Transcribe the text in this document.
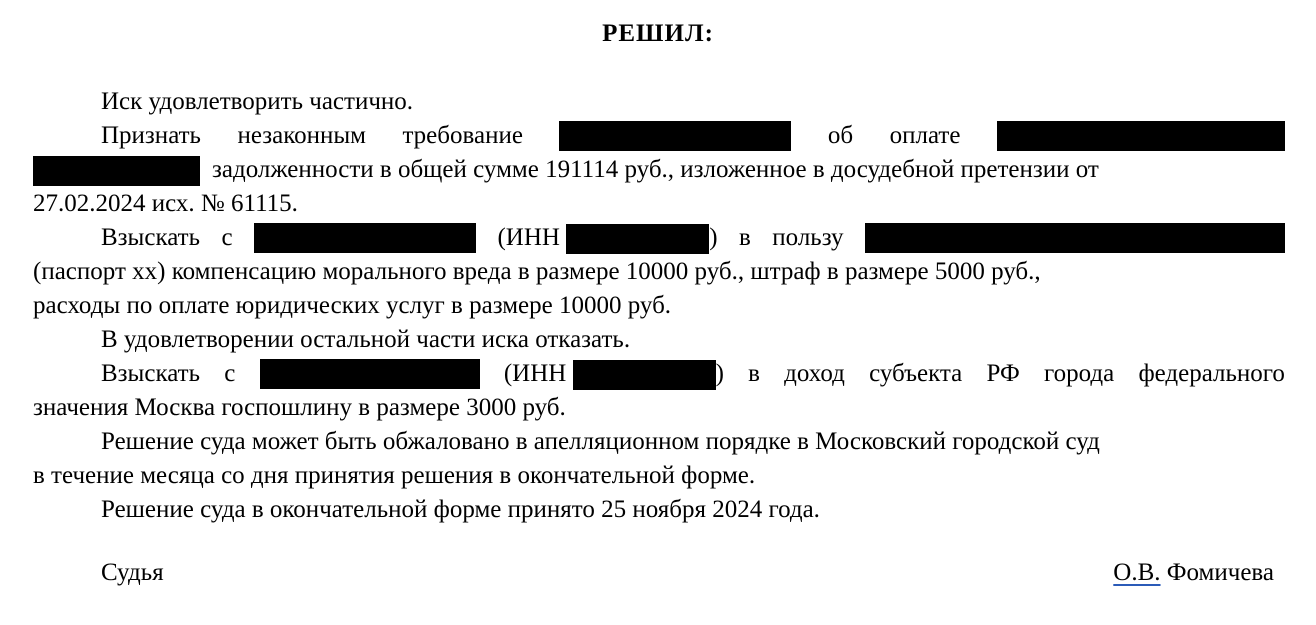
РЕШИЛ:
Иск удовлетворить частично.
Признать незаконным требование	об оплате
задолженности в общей сумме 191114 руб., изложенное в досудебной претензии от
27.02.2024 исх. № 61115.
Взыскать с	(ИНН	) в пользу
(паспорт хх) компенсацию морального вреда в размере 10000 руб., штраф в размере 5000 руб.,
расходы по оплате юридических услуг в размере 10000 руб.
В удовлетворении остальной части иска отказать.
Взыскать с	(ИНН	) в доход субъекта РФ города федерального
значения Москва госпошлину в размере 3000 руб.
Решение суда может быть обжаловано в апелляционном порядке в Московский городской суд
в течение месяца со дня принятия решения в окончательной форме.
Решение суда в окончательной форме принято 25 ноября 2024 года.
Судья	О.В. Фомичева
